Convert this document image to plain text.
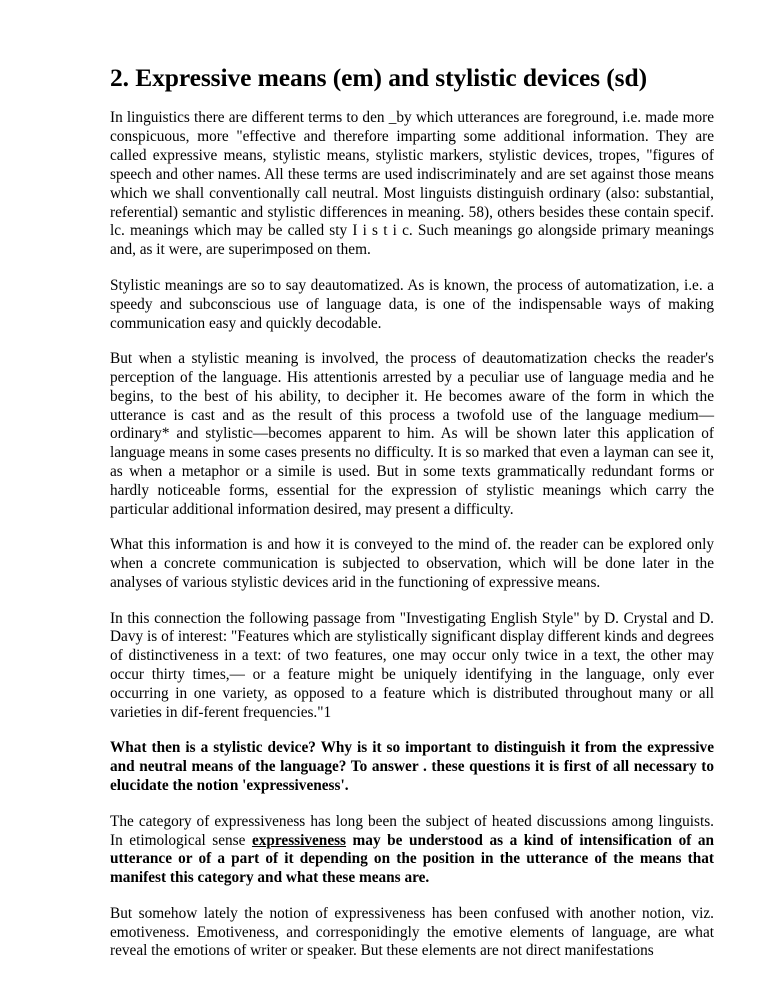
2. Expressive means (em) and stylistic devices (sd)

In linguistics there are different terms to den _by which utterances are foreground, i.e. made more conspicuous, more "effective and therefore imparting some additional information. They are called expressive means, stylistic means, stylistic markers, stylistic devices, tropes, "figures of speech and other names. All these terms are used indiscriminately and are set against those means which we shall conventionally call neutral. Most linguists distinguish ordinary (also: substantial, referential) semantic and stylistic differences in meaning. 58), others besides these contain specif. lc. meanings which may be called sty I i s t i c. Such meanings go alongside primary meanings and, as it were, are superimposed on them.

Stylistic meanings are so to say deautomatized. As is known, the process of automatization, i.e. a speedy and subconscious use of language data, is one of the indispensable ways of making communication easy and quickly decodable.

But when a stylistic meaning is involved, the process of deautomatization checks the reader's perception of the language. His attentionis arrested by a peculiar use of language media and he begins, to the best of his ability, to decipher it. He becomes aware of the form in which the utterance is cast and as the result of this process a twofold use of the language medium—ordinary* and stylistic—becomes apparent to him. As will be shown later this application of language means in some cases presents no difficulty. It is so marked that even a layman can see it, as when a metaphor or a simile is used. But in some texts grammatically redundant forms or hardly noticeable forms, essential for the expression of stylistic meanings which carry the particular additional information desired, may present a difficulty.

What this information is and how it is conveyed to the mind of. the reader can be explored only when a concrete communication is subjected to observation, which will be done later in the analyses of various stylistic devices arid in the functioning of expressive means.

In this connection the following passage from "Investigating English Style" by D. Crystal and D. Davy is of interest: "Features which are stylistically significant display different kinds and degrees of distinctiveness in a text: of two features, one may occur only twice in a text, the other may occur thirty times,— or a feature might be uniquely identifying in the language, only ever occurring in one variety, as opposed to a feature which is distributed throughout many or all varieties in dif-ferent frequencies."1

What then is a stylistic device? Why is it so important to distinguish it from the expressive and neutral means of the language? To answer . these questions it is first of all necessary to elucidate the notion 'expressiveness'.

The category of expressiveness has long been the subject of heated discussions among linguists. In etimological sense expressiveness may be understood as a kind of intensification of an utterance or of a part of it depending on the position in the utterance of the means that manifest this category and what these means are.

But somehow lately the notion of expressiveness has been confused with another notion, viz. emotiveness. Emotiveness, and corresponidingly the emotive elements of language, are what reveal the emotions of writer or speaker. But these elements are not direct manifestations
